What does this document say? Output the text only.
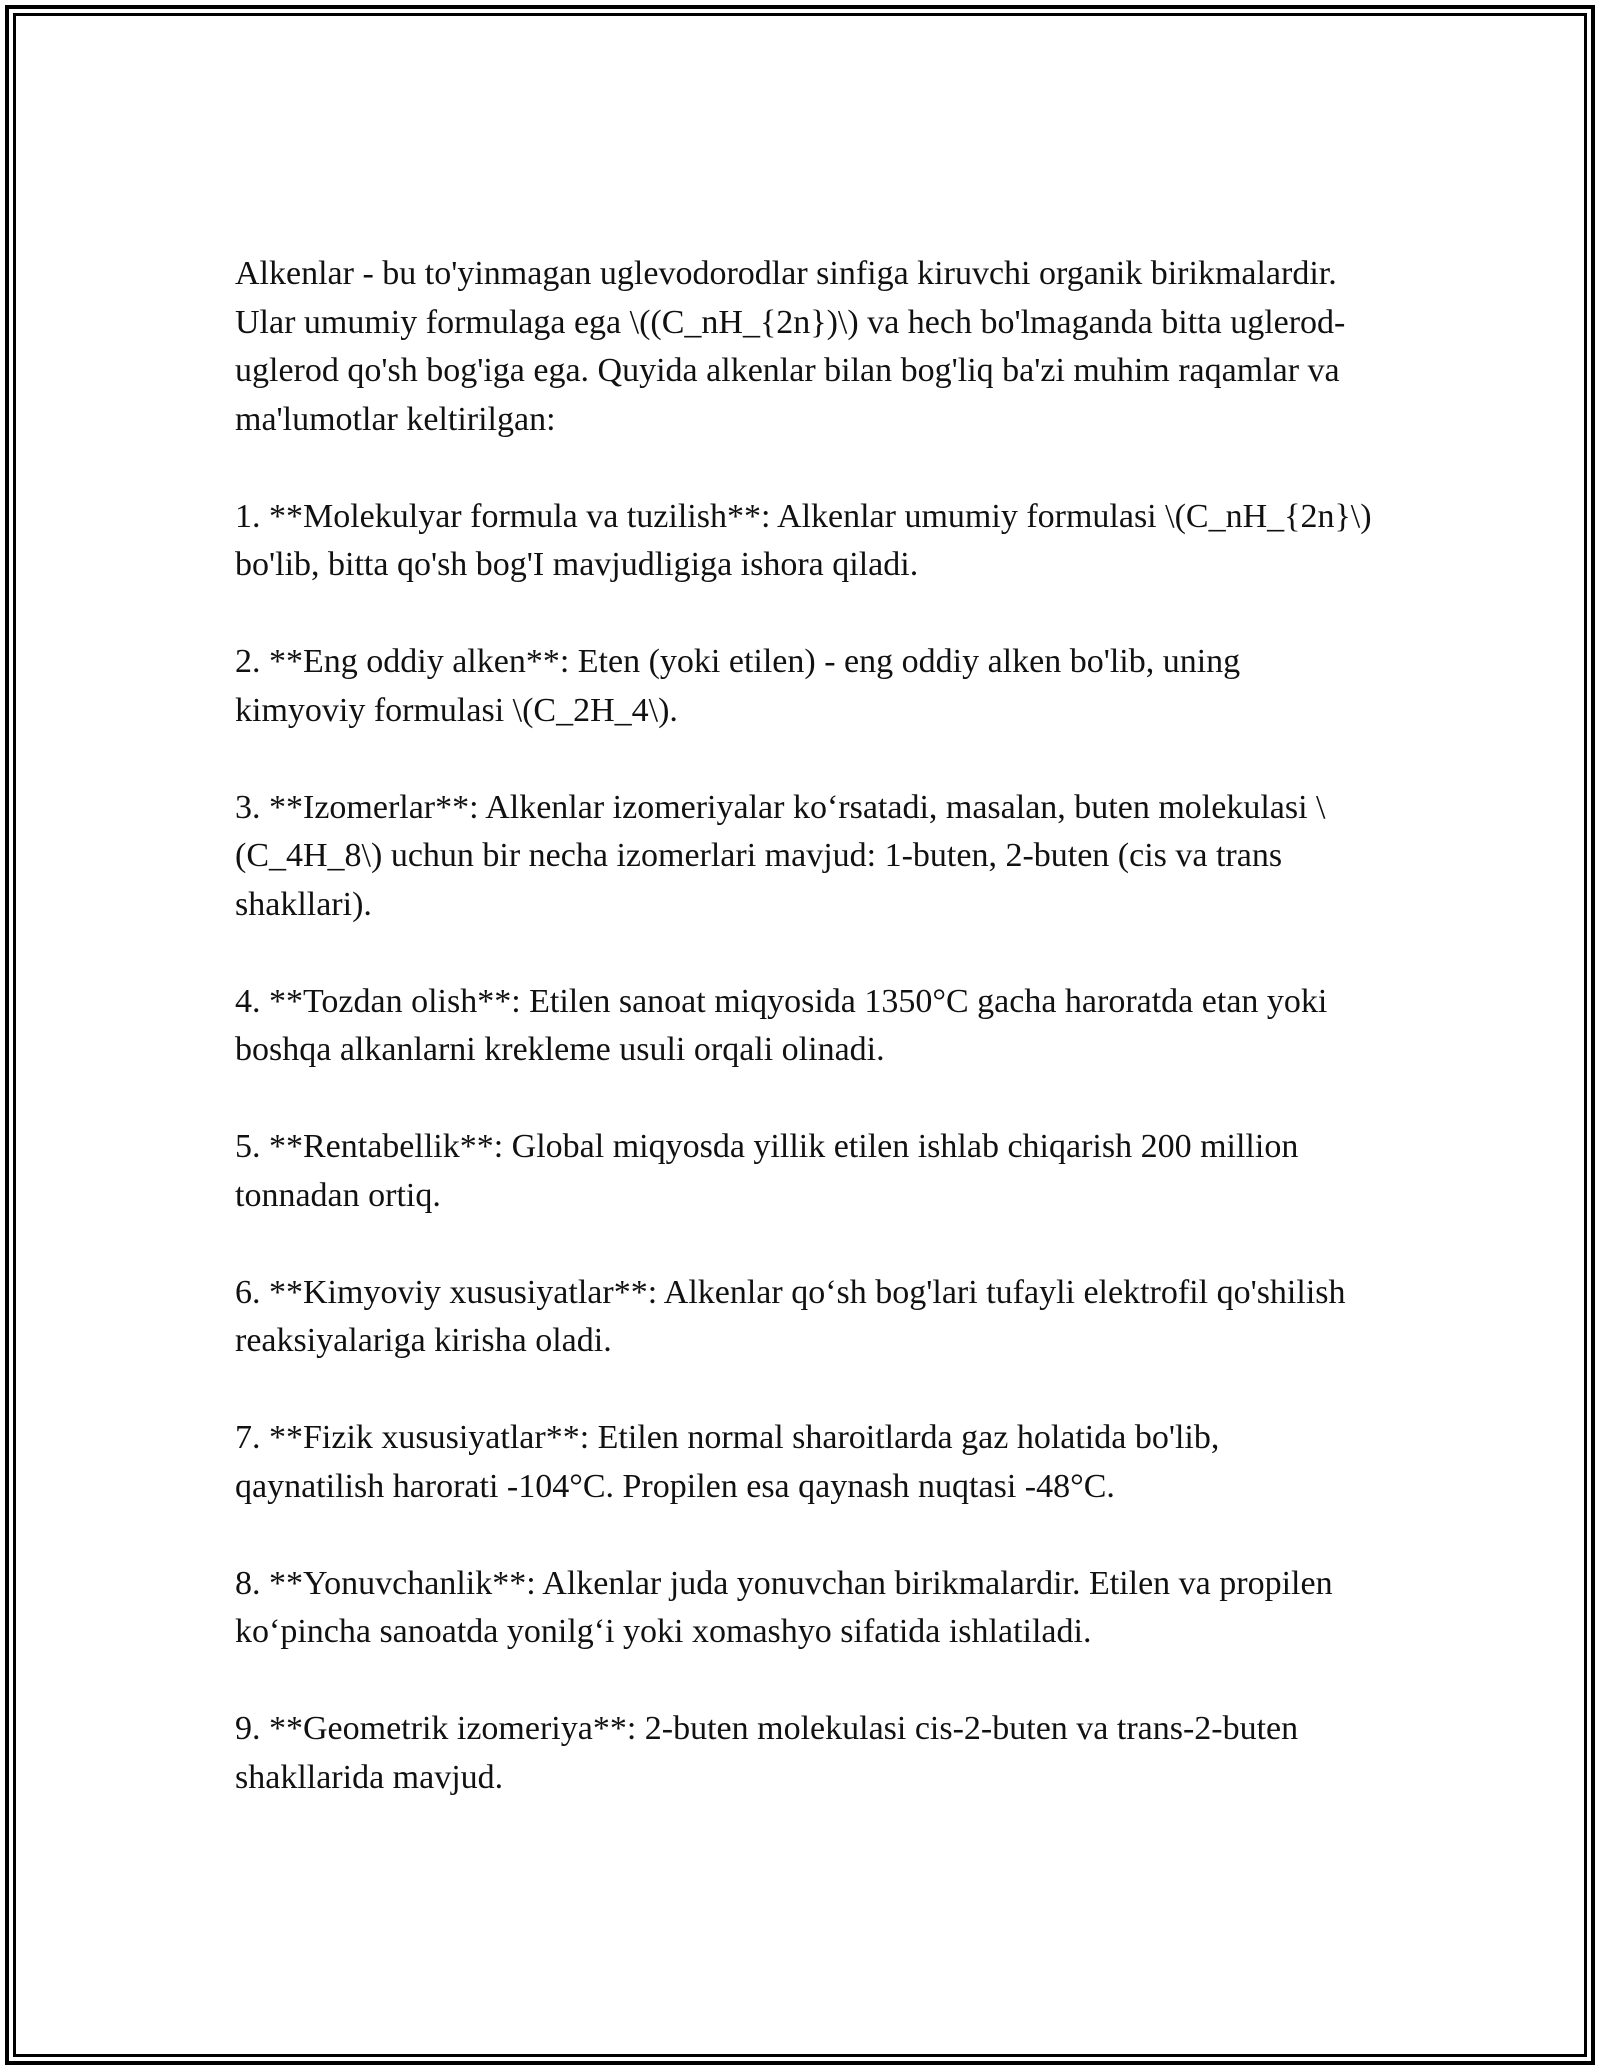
Alkenlar - bu to'yinmagan uglevodorodlar sinfiga kiruvchi organik birikmalardir. Ular umumiy formulaga ega \((C_nH_{2n})\) va hech bo'lmaganda bitta uglerod-uglerod qo'sh bog'iga ega. Quyida alkenlar bilan bog'liq ba'zi muhim raqamlar va ma'lumotlar keltirilgan:

1. **Molekulyar formula va tuzilish**: Alkenlar umumiy formulasi \(C_nH_{2n}\) bo'lib, bitta qo'sh bog'I mavjudligiga ishora qiladi.

2. **Eng oddiy alken**: Eten (yoki etilen) - eng oddiy alken bo'lib, uning kimyoviy formulasi \(C_2H_4\).

3. **Izomerlar**: Alkenlar izomeriyalar ko‘rsatadi, masalan, buten molekulasi \(C_4H_8\) uchun bir necha izomerlari mavjud: 1-buten, 2-buten (cis va trans shakllari).

4. **Tozdan olish**: Etilen sanoat miqyosida 1350°C gacha haroratda etan yoki boshqa alkanlarni krekleme usuli orqali olinadi.

5. **Rentabellik**: Global miqyosda yillik etilen ishlab chiqarish 200 million tonnadan ortiq.

6. **Kimyoviy xususiyatlar**: Alkenlar qo‘sh bog'lari tufayli elektrofil qo'shilish reaksiyalariga kirisha oladi.

7. **Fizik xususiyatlar**: Etilen normal sharoitlarda gaz holatida bo'lib, qaynatilish harorati -104°C. Propilen esa qaynash nuqtasi -48°C.

8. **Yonuvchanlik**: Alkenlar juda yonuvchan birikmalardir. Etilen va propilen ko‘pincha sanoatda yonilg‘i yoki xomashyo sifatida ishlatiladi.

9. **Geometrik izomeriya**: 2-buten molekulasi cis-2-buten va trans-2-buten shakllarida mavjud.
